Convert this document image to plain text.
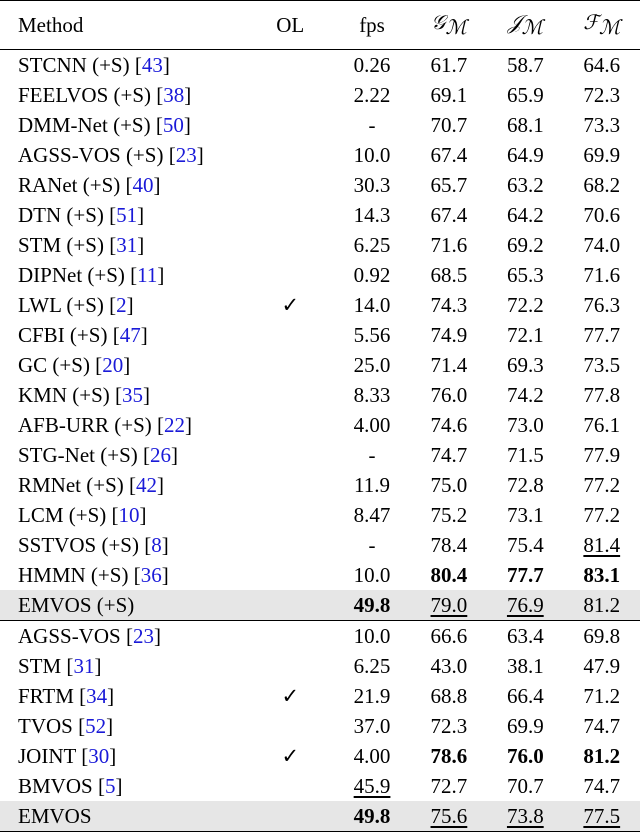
Method	OL	fps	𝒢$_ℳ$	𝒥$_ℳ$	ℱ$_ℳ$
STCNN (+S) [43]		0.26	61.7	58.7	64.6
FEELVOS (+S) [38]		2.22	69.1	65.9	72.3
DMM-Net (+S) [50]		-	70.7	68.1	73.3
AGSS-VOS (+S) [23]		10.0	67.4	64.9	69.9
RANet (+S) [40]		30.3	65.7	63.2	68.2
DTN (+S) [51]		14.3	67.4	64.2	70.6
STM (+S) [31]		6.25	71.6	69.2	74.0
DIPNet (+S) [11]		0.92	68.5	65.3	71.6
LWL (+S) [2]	✓	14.0	74.3	72.2	76.3
CFBI (+S) [47]		5.56	74.9	72.1	77.7
GC (+S) [20]		25.0	71.4	69.3	73.5
KMN (+S) [35]		8.33	76.0	74.2	77.8
AFB-URR (+S) [22]		4.00	74.6	73.0	76.1
STG-Net (+S) [26]		-	74.7	71.5	77.9
RMNet (+S) [42]		11.9	75.0	72.8	77.2
LCM (+S) [10]		8.47	75.2	73.1	77.2
SSTVOS (+S) [8]		-	78.4	75.4	81.4
HMMN (+S) [36]		10.0	80.4	77.7	83.1
EMVOS (+S)		49.8	79.0	76.9	81.2
AGSS-VOS [23]		10.0	66.6	63.4	69.8
STM [31]		6.25	43.0	38.1	47.9
FRTM [34]	✓	21.9	68.8	66.4	71.2
TVOS [52]		37.0	72.3	69.9	74.7
JOINT [30]	✓	4.00	78.6	76.0	81.2
BMVOS [5]		45.9	72.7	70.7	74.7
EMVOS		49.8	75.6	73.8	77.5
